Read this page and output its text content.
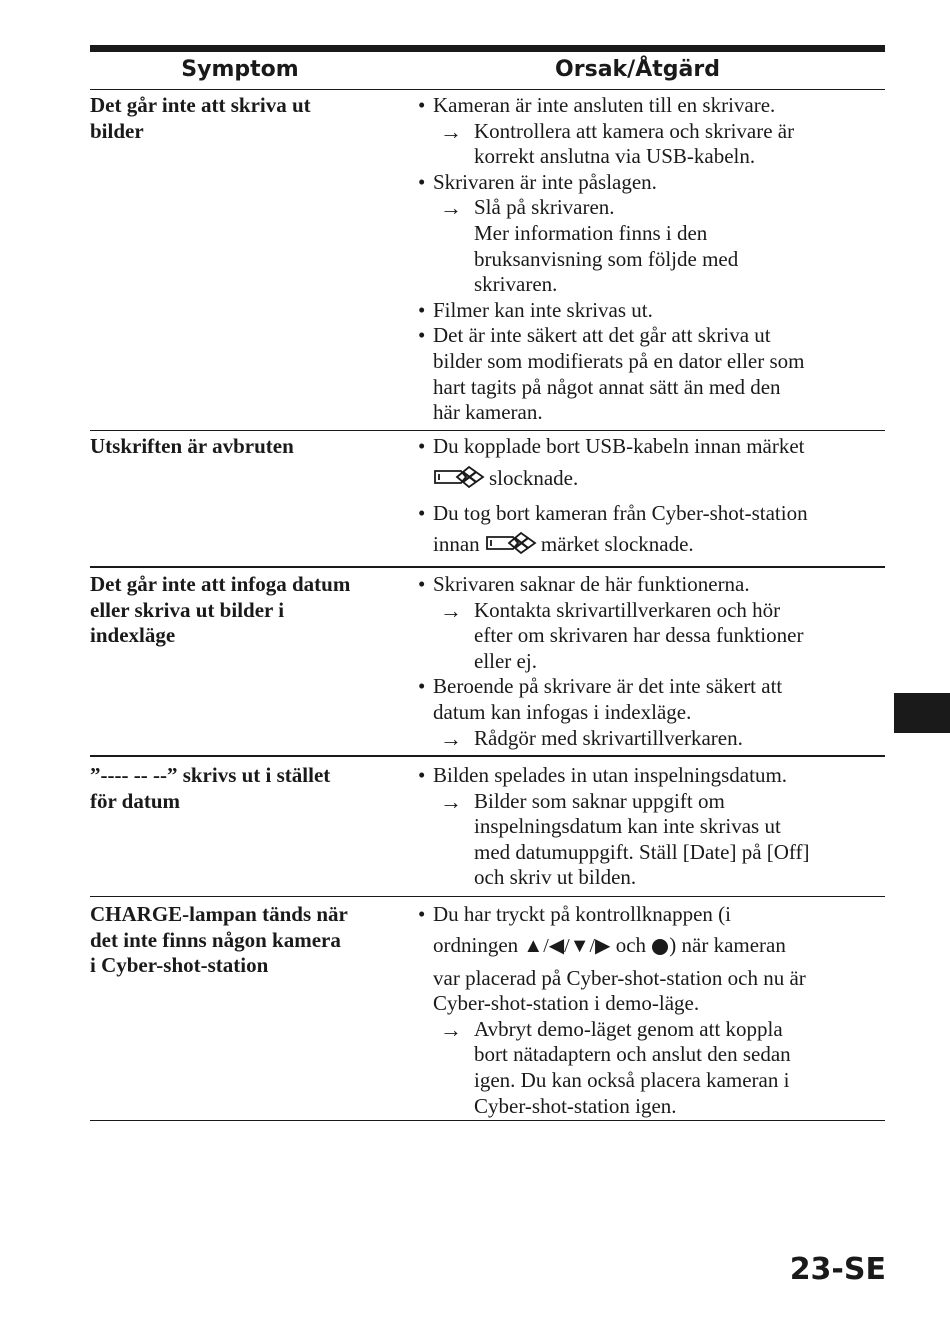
Symptom	Orsak/Åtgärd
Det går inte att skriva ut
bilder
• Kameran är inte ansluten till en skrivare.
→ Kontrollera att kamera och skrivare är
korrekt anslutna via USB-kabeln.
• Skrivaren är inte påslagen.
→ Slå på skrivaren.
Mer information finns i den
bruksanvisning som följde med
skrivaren.
• Filmer kan inte skrivas ut.
• Det är inte säkert att det går att skriva ut
bilder som modifierats på en dator eller som
hart tagits på något annat sätt än med den
här kameran.
Utskriften är avbruten
•	Du kopplade bort USB-kabeln innan märket
slocknade.
• Du tog bort kameran från Cyber-shot-station
innan	märket slocknade.
Det går inte att infoga datum
eller skriva ut bilder i
indexläge
• Skrivaren saknar de här funktionerna.
→ Kontakta skrivartillverkaren och hör
efter om skrivaren har dessa funktioner
eller ej.
• Beroende på skrivare är det inte säkert att
datum kan infogas i indexläge.
→ Rådgör med skrivartillverkaren.
”---- -- --” skrivs ut i stället
för datum
• Bilden spelades in utan inspelningsdatum.
→ Bilder som saknar uppgift om
inspelningsdatum kan inte skrivas ut
med datumuppgift. Ställ [Date] på [Off]
och skriv ut bilden.
CHARGE-lampan tänds när
det inte finns någon kamera
i Cyber-shot-station
• Du har tryckt på kontrollknappen (i
ordningen ▲/◀/▼/▶ och ) när kameran
var placerad på Cyber-shot-station och nu är
Cyber-shot-station i demo-läge.
→ Avbryt demo-läget genom att koppla
bort nätadaptern och anslut den sedan
igen. Du kan också placera kameran i
Cyber-shot-station igen.
23-SE
